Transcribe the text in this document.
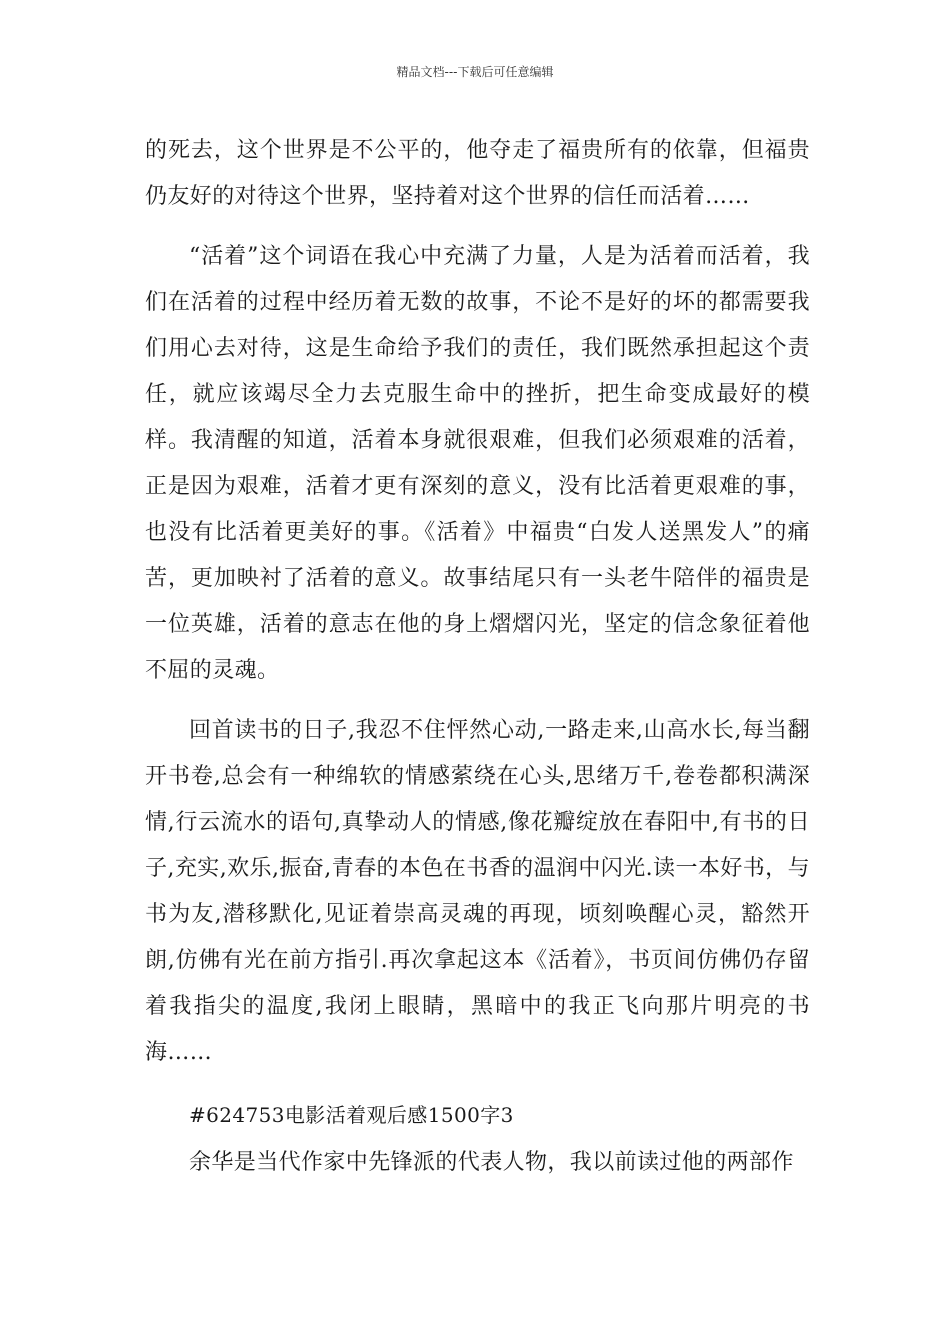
精品文档---下载后可任意编辑

的死去，这个世界是不公平的，他夺走了福贵所有的依靠，但福贵仍友好的对待这个世界，坚持着对这个世界的信任而活着……

“活着”这个词语在我心中充满了力量，人是为活着而活着，我们在活着的过程中经历着无数的故事，不论不是好的坏的都需要我们用心去对待，这是生命给予我们的责任，我们既然承担起这个责任，就应该竭尽全力去克服生命中的挫折，把生命变成最好的模样。我清醒的知道，活着本身就很艰难，但我们必须艰难的活着，正是因为艰难，活着才更有深刻的意义，没有比活着更艰难的事，也没有比活着更美好的事。《活着》中福贵“白发人送黑发人”的痛苦，更加映衬了活着的意义。故事结尾只有一头老牛陪伴的福贵是一位英雄，活着的意志在他的身上熠熠闪光，坚定的信念象征着他不屈的灵魂。

回首读书的日子,我忍不住怦然心动,一路走来,山高水长,每当翻开书卷,总会有一种绵软的情感萦绕在心头,思绪万千,卷卷都积满深情,行云流水的语句,真挚动人的情感,像花瓣绽放在春阳中,有书的日子,充实,欢乐,振奋,青春的本色在书香的温润中闪光.读一本好书，与书为友,潜移默化,见证着崇高灵魂的再现，顷刻唤醒心灵，豁然开朗,仿佛有光在前方指引.再次拿起这本《活着》，书页间仿佛仍存留着我指尖的温度,我闭上眼睛，黑暗中的我正飞向那片明亮的书海……

#624753电影活着观后感1500字3

余华是当代作家中先锋派的代表人物，我以前读过他的两部作
